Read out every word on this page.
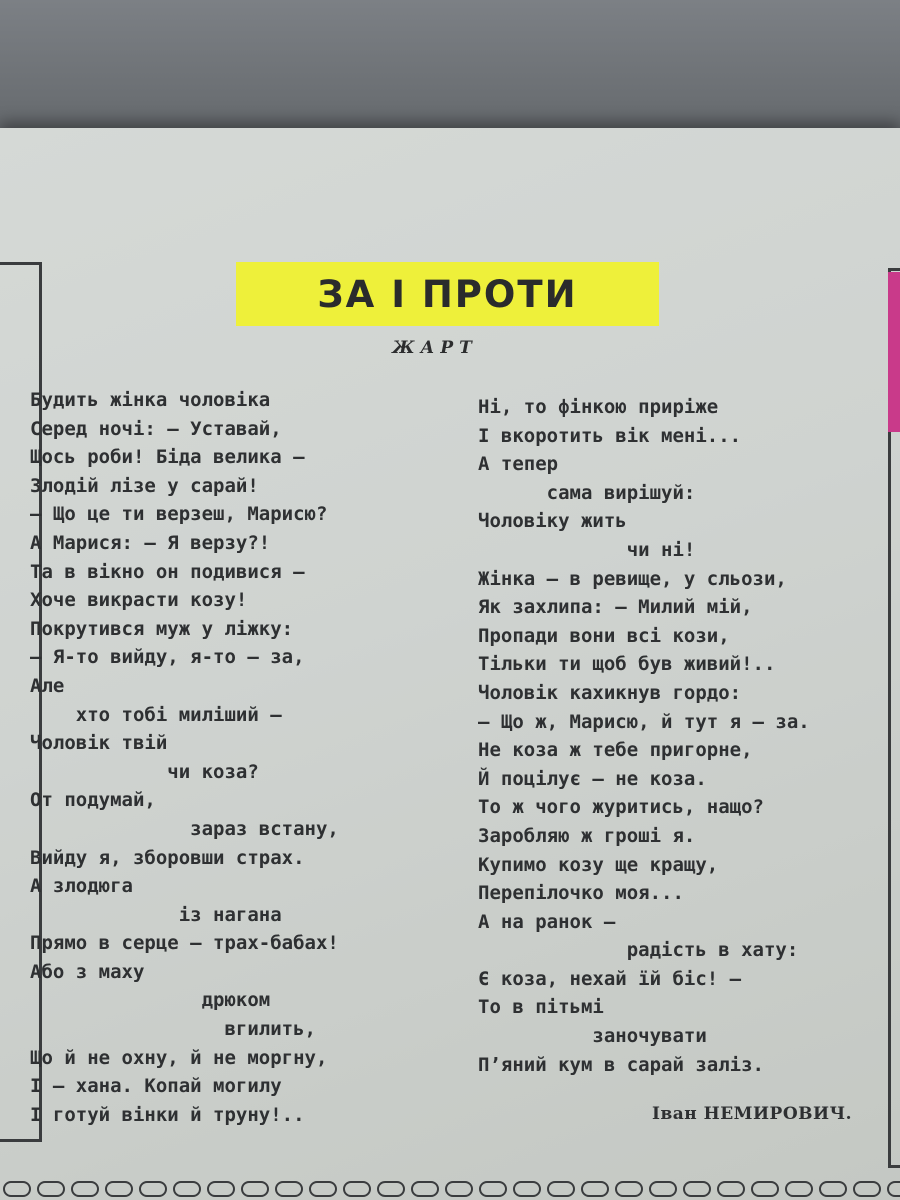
ЗА І ПРОТИ
ЖАРТ
Будить жінка чоловіка
Серед ночі: — Уставай,
Щось роби! Біда велика —
Злодій лізе у сарай!
— Що це ти верзеш, Марисю?
А Марися: — Я верзу?!
Та в вікно он подивися —
Хоче викрасти козу!
Покрутився муж у ліжку:
— Я-то вийду, я-то — за,
Але
хто тобі миліший —
Чоловік твій
чи коза?
От подумай,
зараз встану,
Вийду я, зборовши страх.
А злодюга
із нагана
Прямо в серце — трах-бабах!
Або з маху
дрюком
вгилить,
Що й не охну, й не моргну,
І — хана. Копай могилу
І готуй вінки й труну!..
Ні, то фінкою приріже
І вкоротить вік мені...
А тепер
сама вирішуй:
Чоловіку жить
чи ні!
Жінка — в ревище, у сльози,
Як захлипа: — Милий мій,
Пропади вони всі кози,
Тільки ти щоб був живий!..
Чоловік кахикнув гордо:
— Що ж, Марисю, й тут я — за.
Не коза ж тебе пригорне,
Й поцілує — не коза.
То ж чого журитись, нащо?
Заробляю ж гроші я.
Купимо козу ще кращу,
Перепілочко моя...
А на ранок —
радість в хату:
Є коза, нехай їй біс! —
То в пітьмі
заночувати
П’яний кум в сарай заліз.
Іван НЕМИРОВИЧ.
